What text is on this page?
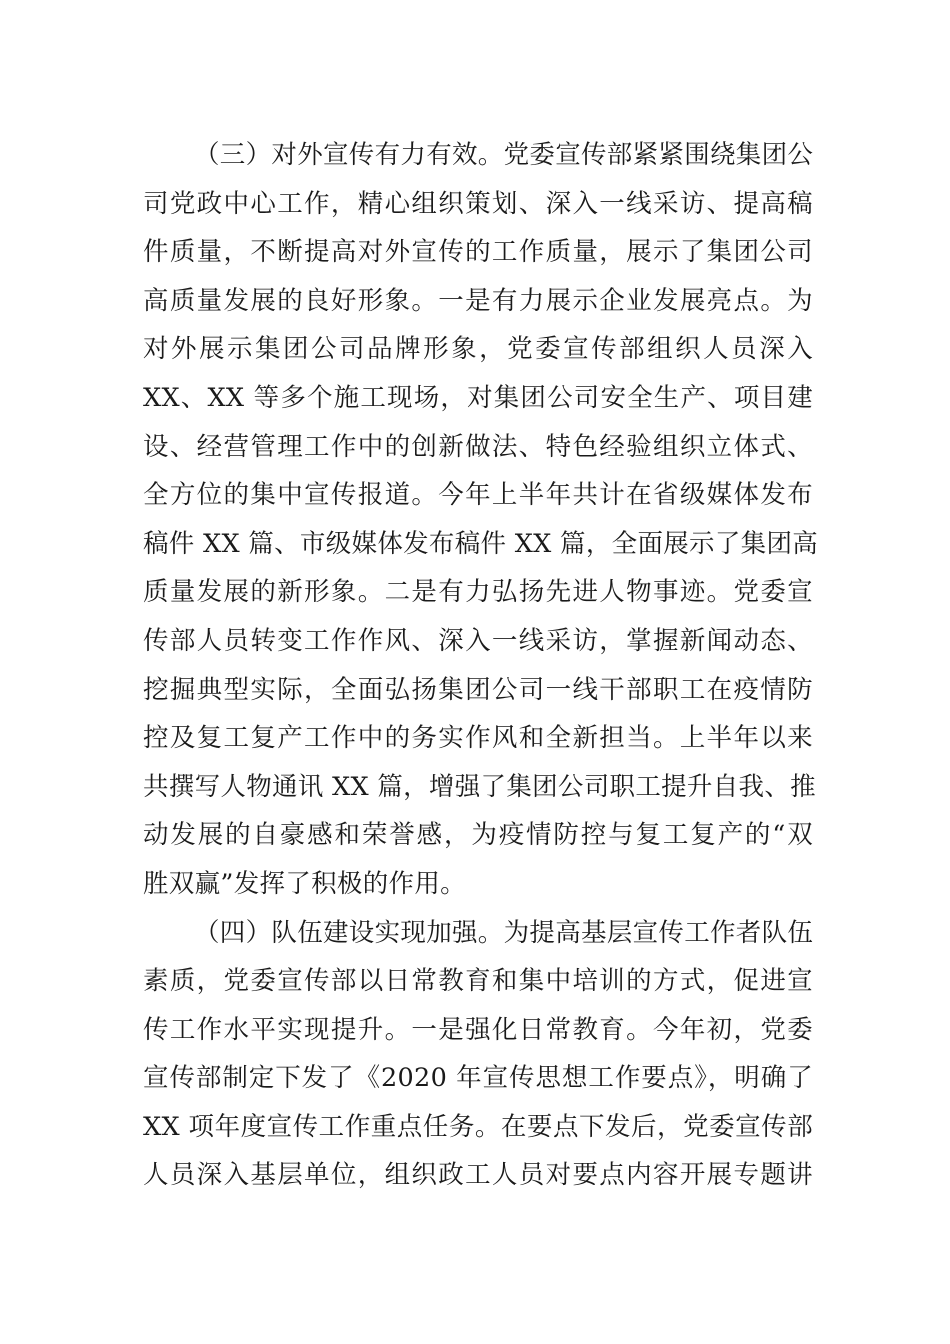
（三）对外宣传有力有效。党委宣传部紧紧围绕集团公
司党政中心工作，精心组织策划、深入一线采访、提高稿
件质量，不断提高对外宣传的工作质量，展示了集团公司
高质量发展的良好形象。一是有力展示企业发展亮点。为
对外展示集团公司品牌形象，党委宣传部组织人员深入
XX、XX 等多个施工现场，对集团公司安全生产、项目建
设、经营管理工作中的创新做法、特色经验组织立体式、
全方位的集中宣传报道。今年上半年共计在省级媒体发布
稿件 XX 篇、市级媒体发布稿件 XX 篇，全面展示了集团高
质量发展的新形象。二是有力弘扬先进人物事迹。党委宣
传部人员转变工作作风、深入一线采访，掌握新闻动态、
挖掘典型实际，全面弘扬集团公司一线干部职工在疫情防
控及复工复产工作中的务实作风和全新担当。上半年以来
共撰写人物通讯 XX 篇，增强了集团公司职工提升自我、推
动发展的自豪感和荣誉感，为疫情防控与复工复产的“双
胜双赢”发挥了积极的作用。
（四）队伍建设实现加强。为提高基层宣传工作者队伍
素质，党委宣传部以日常教育和集中培训的方式，促进宣
传工作水平实现提升。一是强化日常教育。今年初，党委
宣传部制定下发了《2020 年宣传思想工作要点》，明确了
XX 项年度宣传工作重点任务。在要点下发后，党委宣传部
人员深入基层单位，组织政工人员对要点内容开展专题讲
